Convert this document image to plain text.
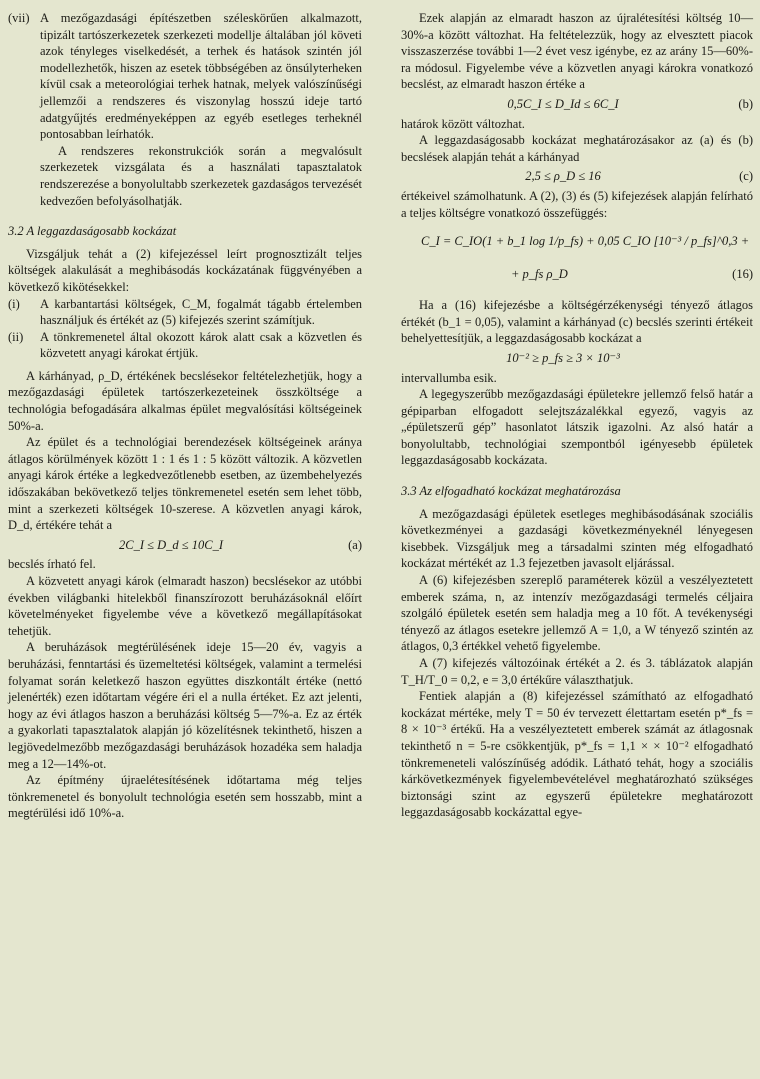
(vii) A mezőgazdasági építészetben széleskörűen alkalmazott, tipizált tartószerkezetek szerkezeti modellje általában jól követi azok tényleges viselkedését, a terhek és hatások szintén jól modellezhetők, hiszen az esetek többségében az önsúlyterheken kívül csak a meteorológiai terhek hatnak, melyek valószínűségi jellemzői a rendszeres és viszonylag hosszú ideje tartó adatgyűjtés eredményeképpen az egyéb esetleges terheknél pontosabban leírhatók.

A rendszeres rekonstrukciók során a megvalósult szerkezetek vizsgálata és a használati tapasztalatok rendszerezése a bonyolultabb szerkezetek gazdaságos tervezését kedvezően befolyásolhatják.

3.2 A leggazdaságosabb kockázat

Vizsgáljuk tehát a (2) kifejezéssel leírt prognosztizált teljes költségek alakulását a meghibásodás kockázatának függvényében a következő kikötésekkel:

(i)	A karbantartási költségek, C_M, fogalmát tágabb értelemben használjuk és értékét az (5) kifejezés szerint számítjuk.

(ii)	A tönkremenetel által okozott károk alatt csak a közvetlen és közvetett anyagi károkat értjük.

A kárhányad, ρ_D, értékének becslésekor feltételezhetjük, hogy a mezőgazdasági épületek tartószerkezeteinek összköltsége a technológia befogadására alkalmas épület megvalósítási költségeinek 50%-a.

Az épület és a technológiai berendezések költségeinek aránya átlagos körülmények között 1 : 1 és 1 : 5 között változik. A közvetlen anyagi károk értéke a legkedvezőtlenebb esetben, az üzembehelyezés időszakában bekövetkező teljes tönkremenetel esetén sem lehet több, mint a szerkezeti költségek 10-szerese. A közvetlen anyagi károk, D_d, értékére tehát a

2C_I ≤ D_d ≤ 10C_I	(a)

becslés írható fel.

A közvetett anyagi károk (elmaradt haszon) becslésekor az utóbbi években világbanki hitelekből finanszírozott beruházásoknál előírt követelményeket figyelembe véve a következő megállapításokat tehetjük.

A beruházások megtérülésének ideje 15—20 év, vagyis a beruházási, fenntartási és üzemeltetési költségek, valamint a termelési folyamat során keletkező haszon együttes diszkontált értéke (nettó jelenérték) ezen időtartam végére éri el a nulla értéket. Ez azt jelenti, hogy az évi átlagos haszon a beruházási költség 5—7%-a. Ez az érték a gyakorlati tapasztalatok alapján jó közelítésnek tekinthető, hiszen a legjövedelmezőbb mezőgazdasági beruházások hozadéka sem haladja meg a 12—14%-ot.

Az építmény újraelétesítésének időtartama még teljes tönkremenetel és bonyolult technológia esetén sem hosszabb, mint a megtérülési idő 10%-a.

Ezek alapján az elmaradt haszon az újralétesítési költség 10—30%-a között változhat. Ha feltételezzük, hogy az elvesztett piacok visszaszerzése további 1—2 évet vesz igénybe, ez az arány 15—60%-ra módosul. Figyelembe véve a közvetlen anyagi károkra vonatkozó becslést, az elmaradt haszon értéke a

0,5C_I ≤ D_Id ≤ 6C_I	(b)

határok között változhat.

A leggazdaságosabb kockázat meghatározásakor az (a) és (b) becslések alapján tehát a kárhányad

2,5 ≤ ρ_D ≤ 16	(c)

értékeivel számolhatunk. A (2), (3) és (5) kifejezések alapján felírható a teljes költségre vonatkozó összefüggés:

C_I = C_IO(1 + b_1 log 1/p_fs) + 0,05 C_IO [10⁻³ / p_fs]^0,3 +
+ p_fs ρ_D	(16)

Ha a (16) kifejezésbe a költségérzékenységi tényező átlagos értékét (b_1 = 0,05), valamint a kárhányad (c) becslés szerinti értékeit behelyettesítjük, a leggazdaságosabb kockázat a

10⁻² ≥ p_fs ≥ 3 × 10⁻³

intervallumba esik.

A legegyszerűbb mezőgazdasági épületekre jellemző felső határ a gépiparban elfogadott selejtszázalékkal egyező, vagyis az „épületszerű gép” hasonlatot látszik igazolni. Az alsó határ a bonyolultabb, technológiai szempontból igényesebb épületek leggazdaságosabb kockázata.

3.3 Az elfogadható kockázat meghatározása

A mezőgazdasági épületek esetleges meghibásodásának szociális következményei a gazdasági következményeknél lényegesen kisebbek. Vizsgáljuk meg a társadalmi szinten még elfogadható kockázat mértékét az 1.3 fejezetben javasolt eljárással.

A (6) kifejezésben szereplő paraméterek közül a veszélyeztetett emberek száma, n, az intenzív mezőgazdasági termelés céljaira szolgáló épületek esetén sem haladja meg a 10 főt. A tevékenységi tényező az átlagos esetekre jellemző A = 1,0, a W tényező szintén az átlagos, 0,3 értékkel vehető figyelembe.

A (7) kifejezés változóinak értékét a 2. és 3. táblázatok alapján T_H/T_0 = 0,2, e = 3,0 értékűre választhatjuk.

Fentiek alapján a (8) kifejezéssel számítható az elfogadható kockázat mértéke, mely T = 50 év tervezett élettartam esetén p*_fs = 8 × 10⁻³ értékű. Ha a veszélyeztetett emberek számát az átlagosnak tekinthető n = 5-re csökkentjük, p*_fs = 1,1 × × 10⁻² elfogadható tönkremeneteli valószínűség adódik. Látható tehát, hogy a szociális kárkövetkezmények figyelembevételével meghatározható szükséges biztonsági szint az egyszerű épületekre meghatározott leggazdaságosabb kockázattal egye-
